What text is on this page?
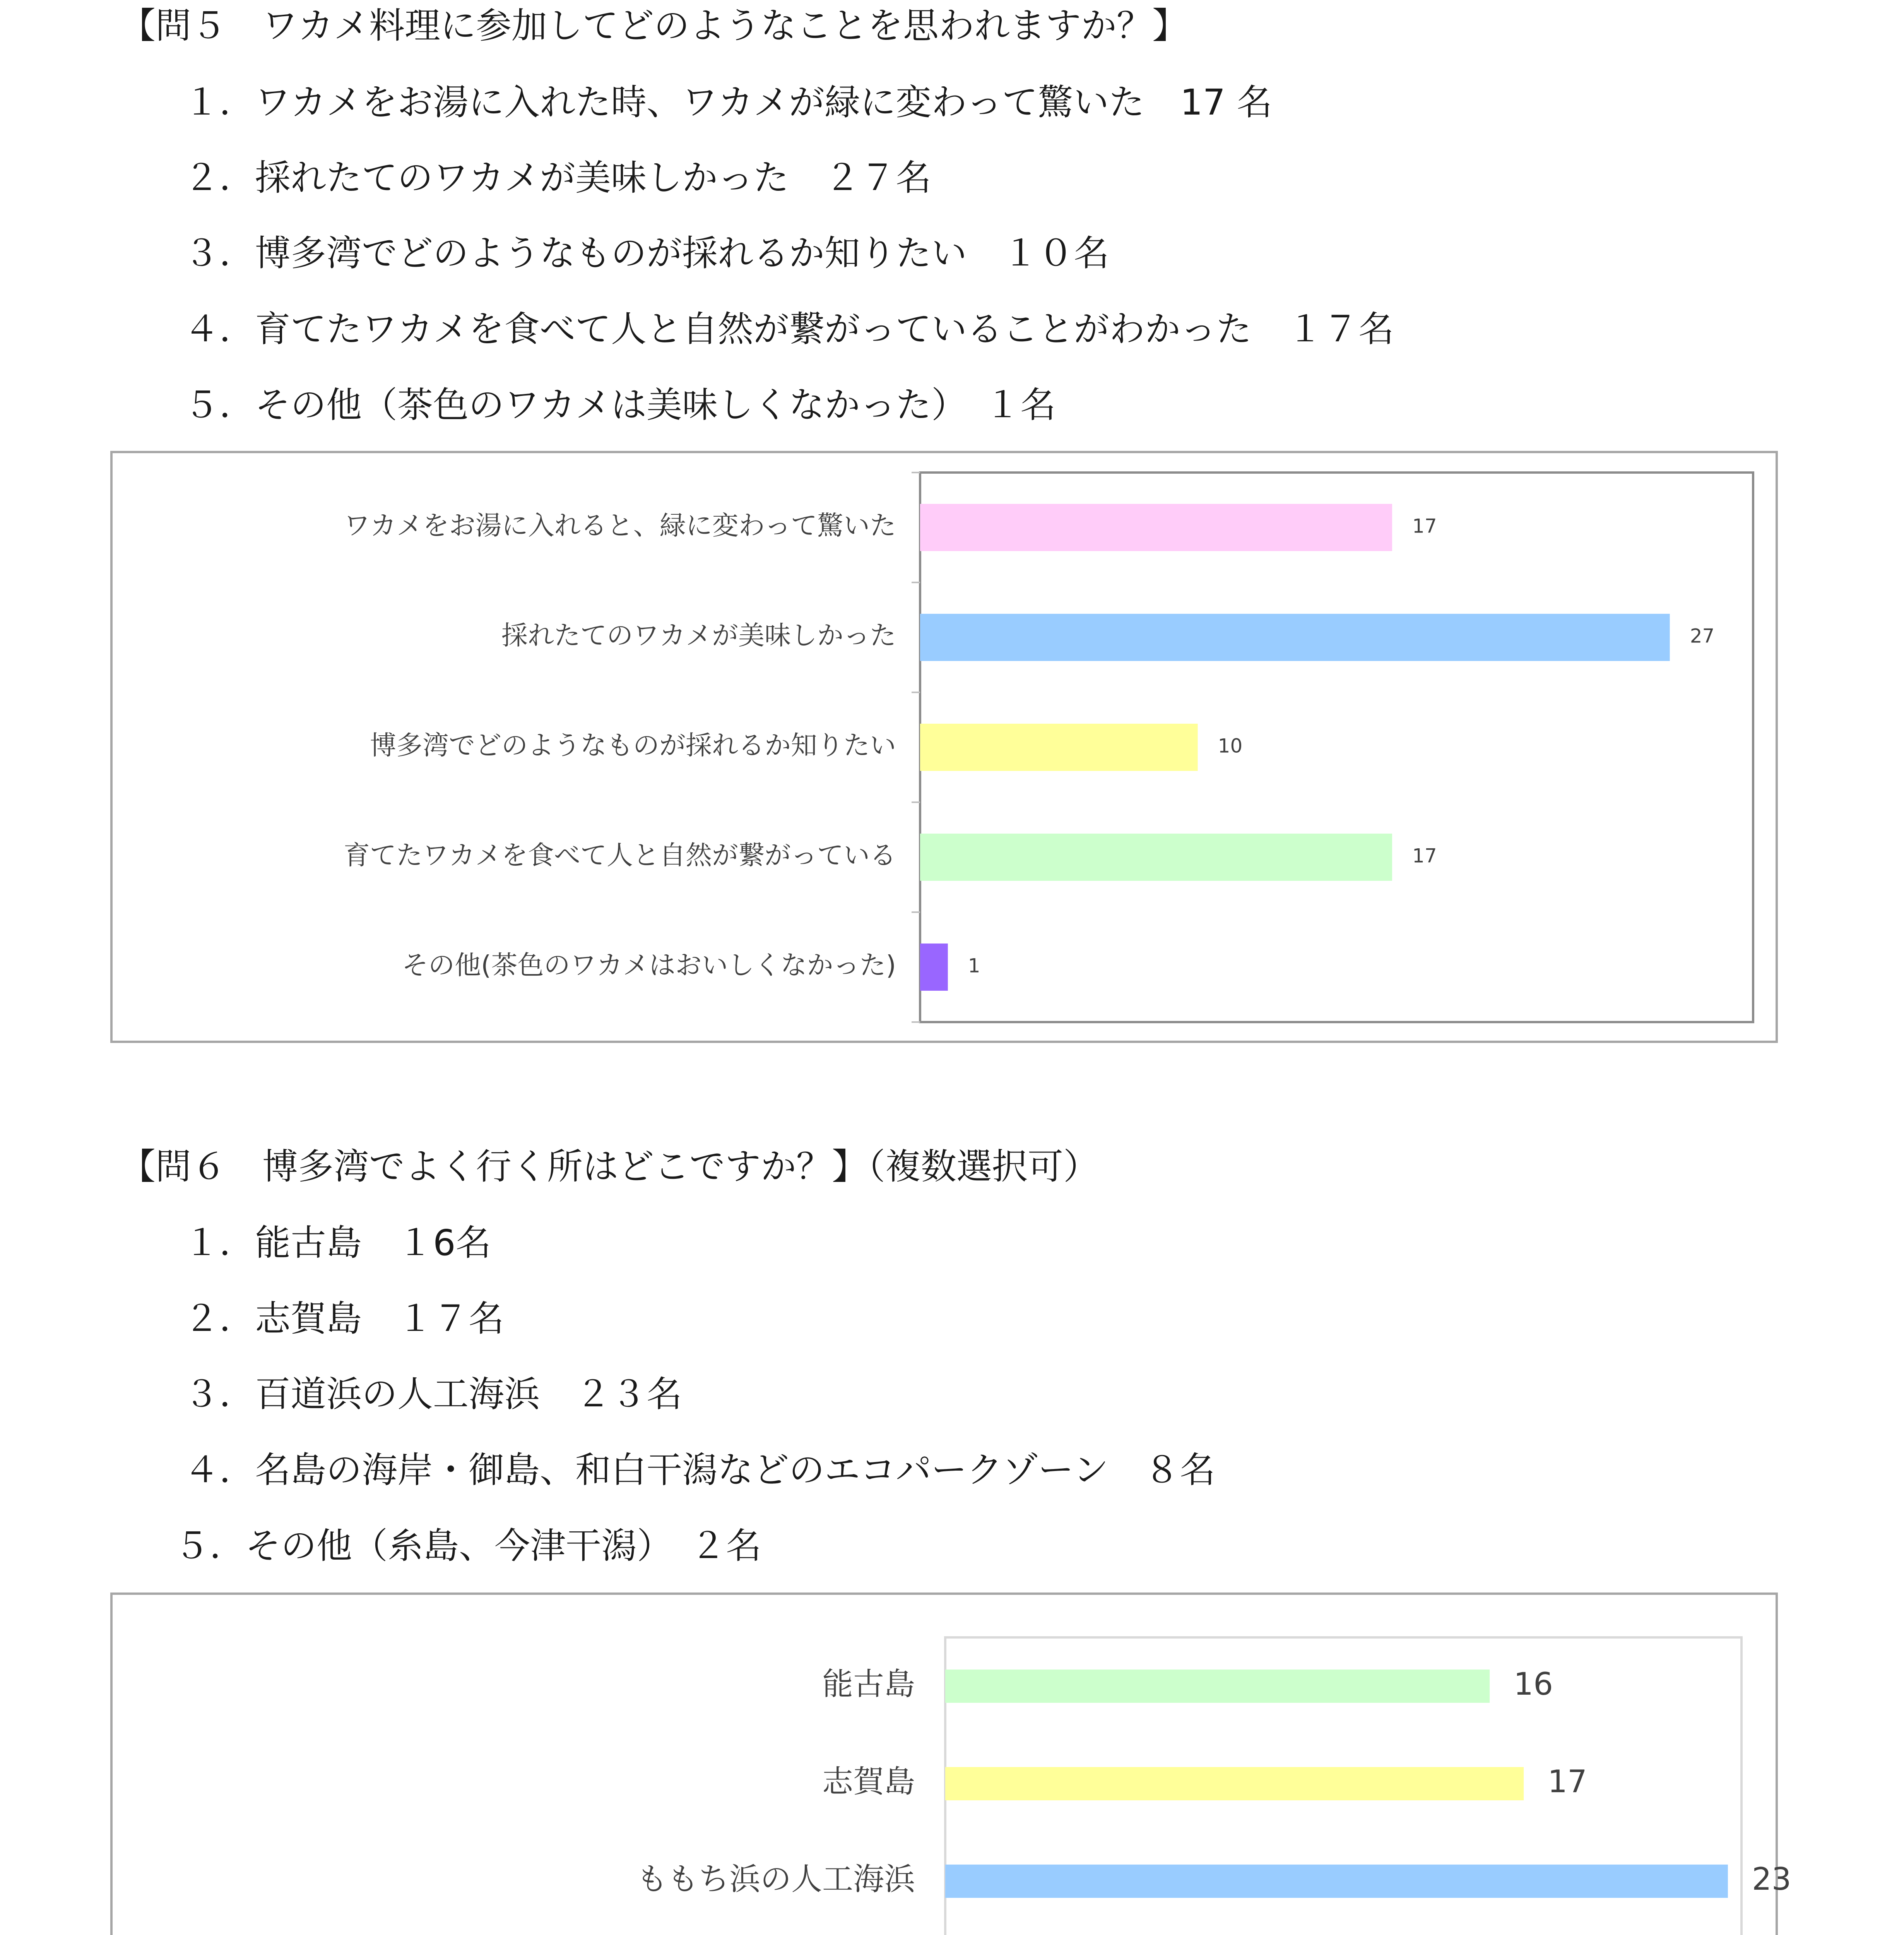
【問５　ワカメ料理に参加してどのようなことを思われますか？】
１．ワカメをお湯に入れた時、ワカメが緑に変わって驚いた　17 名
２．採れたてのワカメが美味しかった　２７名
３．博多湾でどのようなものが採れるか知りたい　１０名
４．育てたワカメを食べて人と自然が繋がっていることがわかった　１７名
５．その他（茶色のワカメは美味しくなかった）　１名
ワカメをお湯に入れると、緑に変わって驚いた	17
採れたてのワカメが美味しかった	27
博多湾でどのようなものが採れるか知りたい	10
育てたワカメを食べて人と自然が繋がっている	17
その他(茶色のワカメはおいしくなかった)	1
【問６　博多湾でよく行く所はどこですか？】（複数選択可）
１．能古島　１6名
２．志賀島　１７名
３．百道浜の人工海浜　２３名
４．名島の海岸・御島、和白干潟などのエコパークゾーン　８名
５．その他（糸島、今津干潟）　２名
能古島	16
志賀島	17
ももち浜の人工海浜	23
